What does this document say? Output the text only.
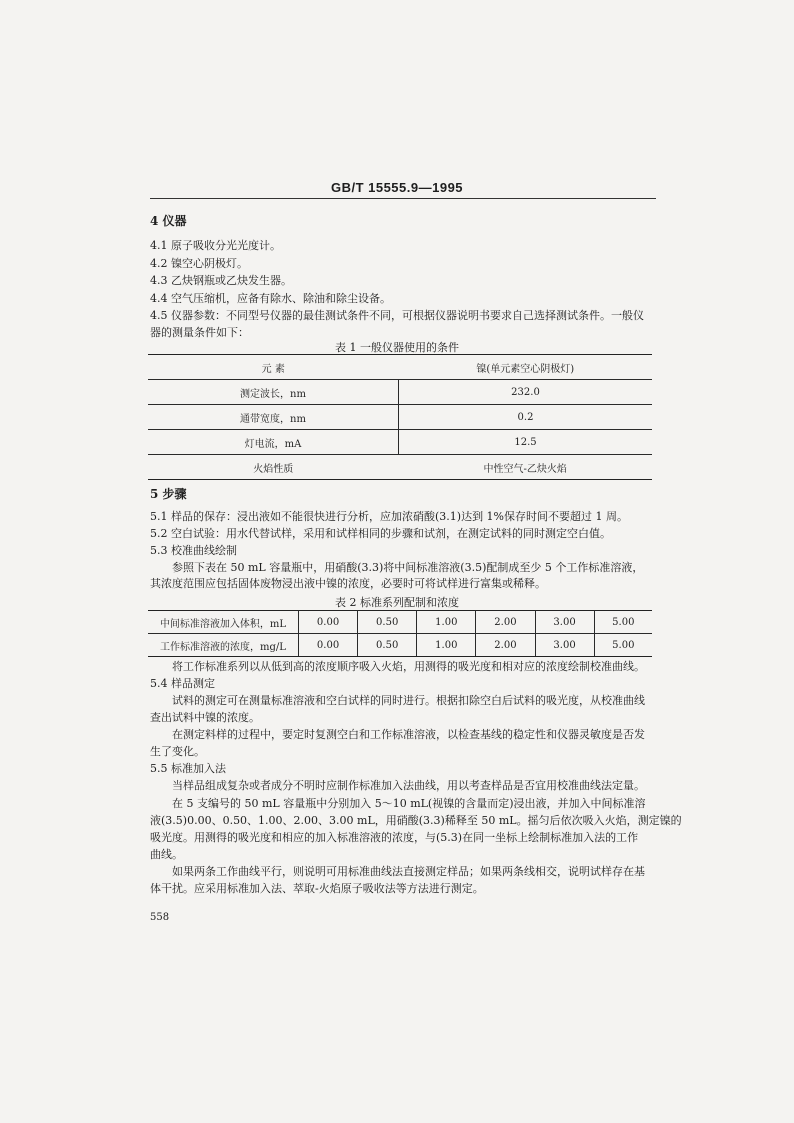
GB/T 15555.9—1995

4 仪器

4.1 原子吸收分光光度计。

4.2 镍空心阴极灯。

4.3 乙炔钢瓶或乙炔发生器。

4.4 空气压缩机，应备有除水、除油和除尘设备。

4.5 仪器参数：不同型号仪器的最佳测试条件不同，可根据仪器说明书要求自己选择测试条件。一般仪

器的测量条件如下：

表 1 一般仪器使用的条件

元 素	镍(单元素空心阴极灯)
测定波长，nm	232.0
通带宽度，nm	0.2
灯电流，mA	12.5
火焰性质	中性空气-乙炔火焰

5 步骤

5.1 样品的保存：浸出液如不能很快进行分析，应加浓硝酸(3.1)达到 1%保存时间不要超过 1 周。

5.2 空白试验：用水代替试样，采用和试样相同的步骤和试剂，在测定试料的同时测定空白值。

5.3 校准曲线绘制

参照下表在 50 mL 容量瓶中，用硝酸(3.3)将中间标准溶液(3.5)配制成至少 5 个工作标准溶液，

其浓度范围应包括固体废物浸出液中镍的浓度，必要时可将试样进行富集或稀释。

表 2 标准系列配制和浓度

中间标准溶液加入体积，mL	0.00	0.50	1.00	2.00	3.00	5.00
工作标准溶液的浓度，mg/L	0.00	0.50	1.00	2.00	3.00	5.00

将工作标准系列以从低到高的浓度顺序吸入火焰，用测得的吸光度和相对应的浓度绘制校准曲线。

5.4 样品测定

试料的测定可在测量标准溶液和空白试样的同时进行。根据扣除空白后试料的吸光度，从校准曲线

查出试料中镍的浓度。

在测定料样的过程中，要定时复测空白和工作标准溶液，以检查基线的稳定性和仪器灵敏度是否发

生了变化。

5.5 标准加入法

当样品组成复杂或者成分不明时应制作标准加入法曲线，用以考查样品是否宜用校准曲线法定量。

在 5 支编号的 50 mL 容量瓶中分别加入 5～10 mL(视镍的含量而定)浸出液，并加入中间标准溶

液(3.5)0.00、0.50、1.00、2.00、3.00 mL，用硝酸(3.3)稀释至 50 mL。摇匀后依次吸入火焰，测定镍的

吸光度。用测得的吸光度和相应的加入标准溶液的浓度，与(5.3)在同一坐标上绘制标准加入法的工作

曲线。

如果两条工作曲线平行，则说明可用标准曲线法直接测定样品；如果两条线相交，说明试样存在基

体干扰。应采用标准加入法、萃取-火焰原子吸收法等方法进行测定。

558
